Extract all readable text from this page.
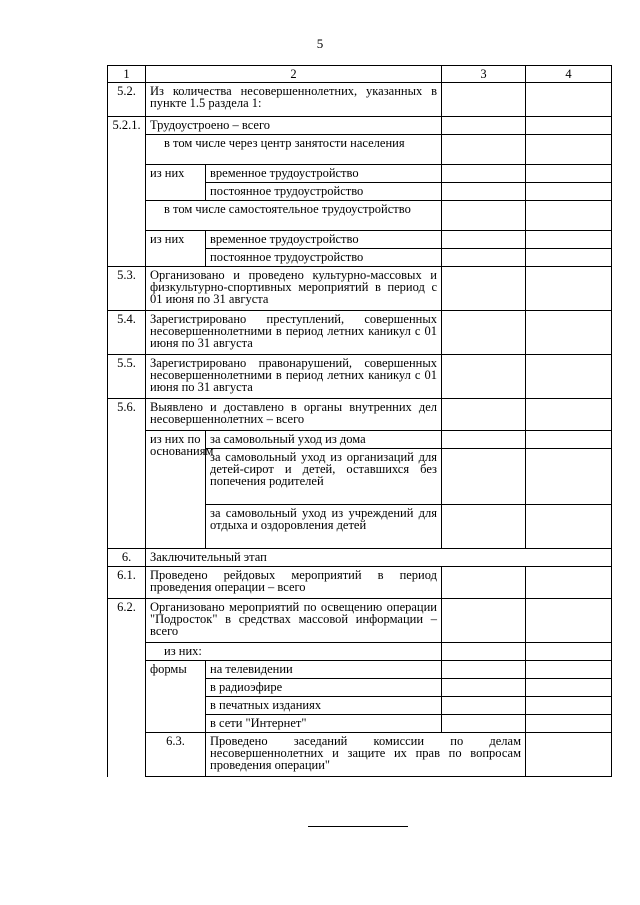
5
1	2		3	4	
5.2.	Из количества несовершеннолетних, указанных в пункте 1.5 раздела 1:				
5.2.1.	Трудоустроено – всего				
	в том числе через центр занятости населения				
	из них	временное трудоустройство			
		постоянное трудоустройство			
	в том числе самостоятельное трудоустройство				
	из них	временное трудоустройство			
		постоянное трудоустройство			
5.3.	Организовано и проведено культурно-массовых и физкультурно-спортивных мероприятий в период с 01 июня по 31 августа				
5.4.	Зарегистрировано преступлений, совершенных несовершеннолетними в период летних каникул с 01 июня по 31 августа				
5.5.	Зарегистрировано правонарушений, совершенных несовершеннолетними в период летних каникул с 01 июня по 31 августа				
5.6.	Выявлено и доставлено в органы внутренних дел несовершеннолетних – всего				
	из них по основаниям	за самовольный уход из дома			
		за самовольный уход из организаций для детей-сирот и детей, оставшихся без попечения родителей			
		за самовольный уход из учреждений для отдыха и оздоровления детей			
6.	Заключительный этап				
6.1.	Проведено рейдовых мероприятий в период проведения операции – всего				
6.2.	Организовано мероприятий по освещению операции "Подросток" в средствах массовой информации – всего				
	из них:				
	формы	на телевидении			
		в радиоэфире			
		в печатных изданиях			
		в сети "Интернет"			
	6.3.	Проведено заседаний комиссии по делам несовершеннолетних и защите их прав по вопросам проведения операции"			
